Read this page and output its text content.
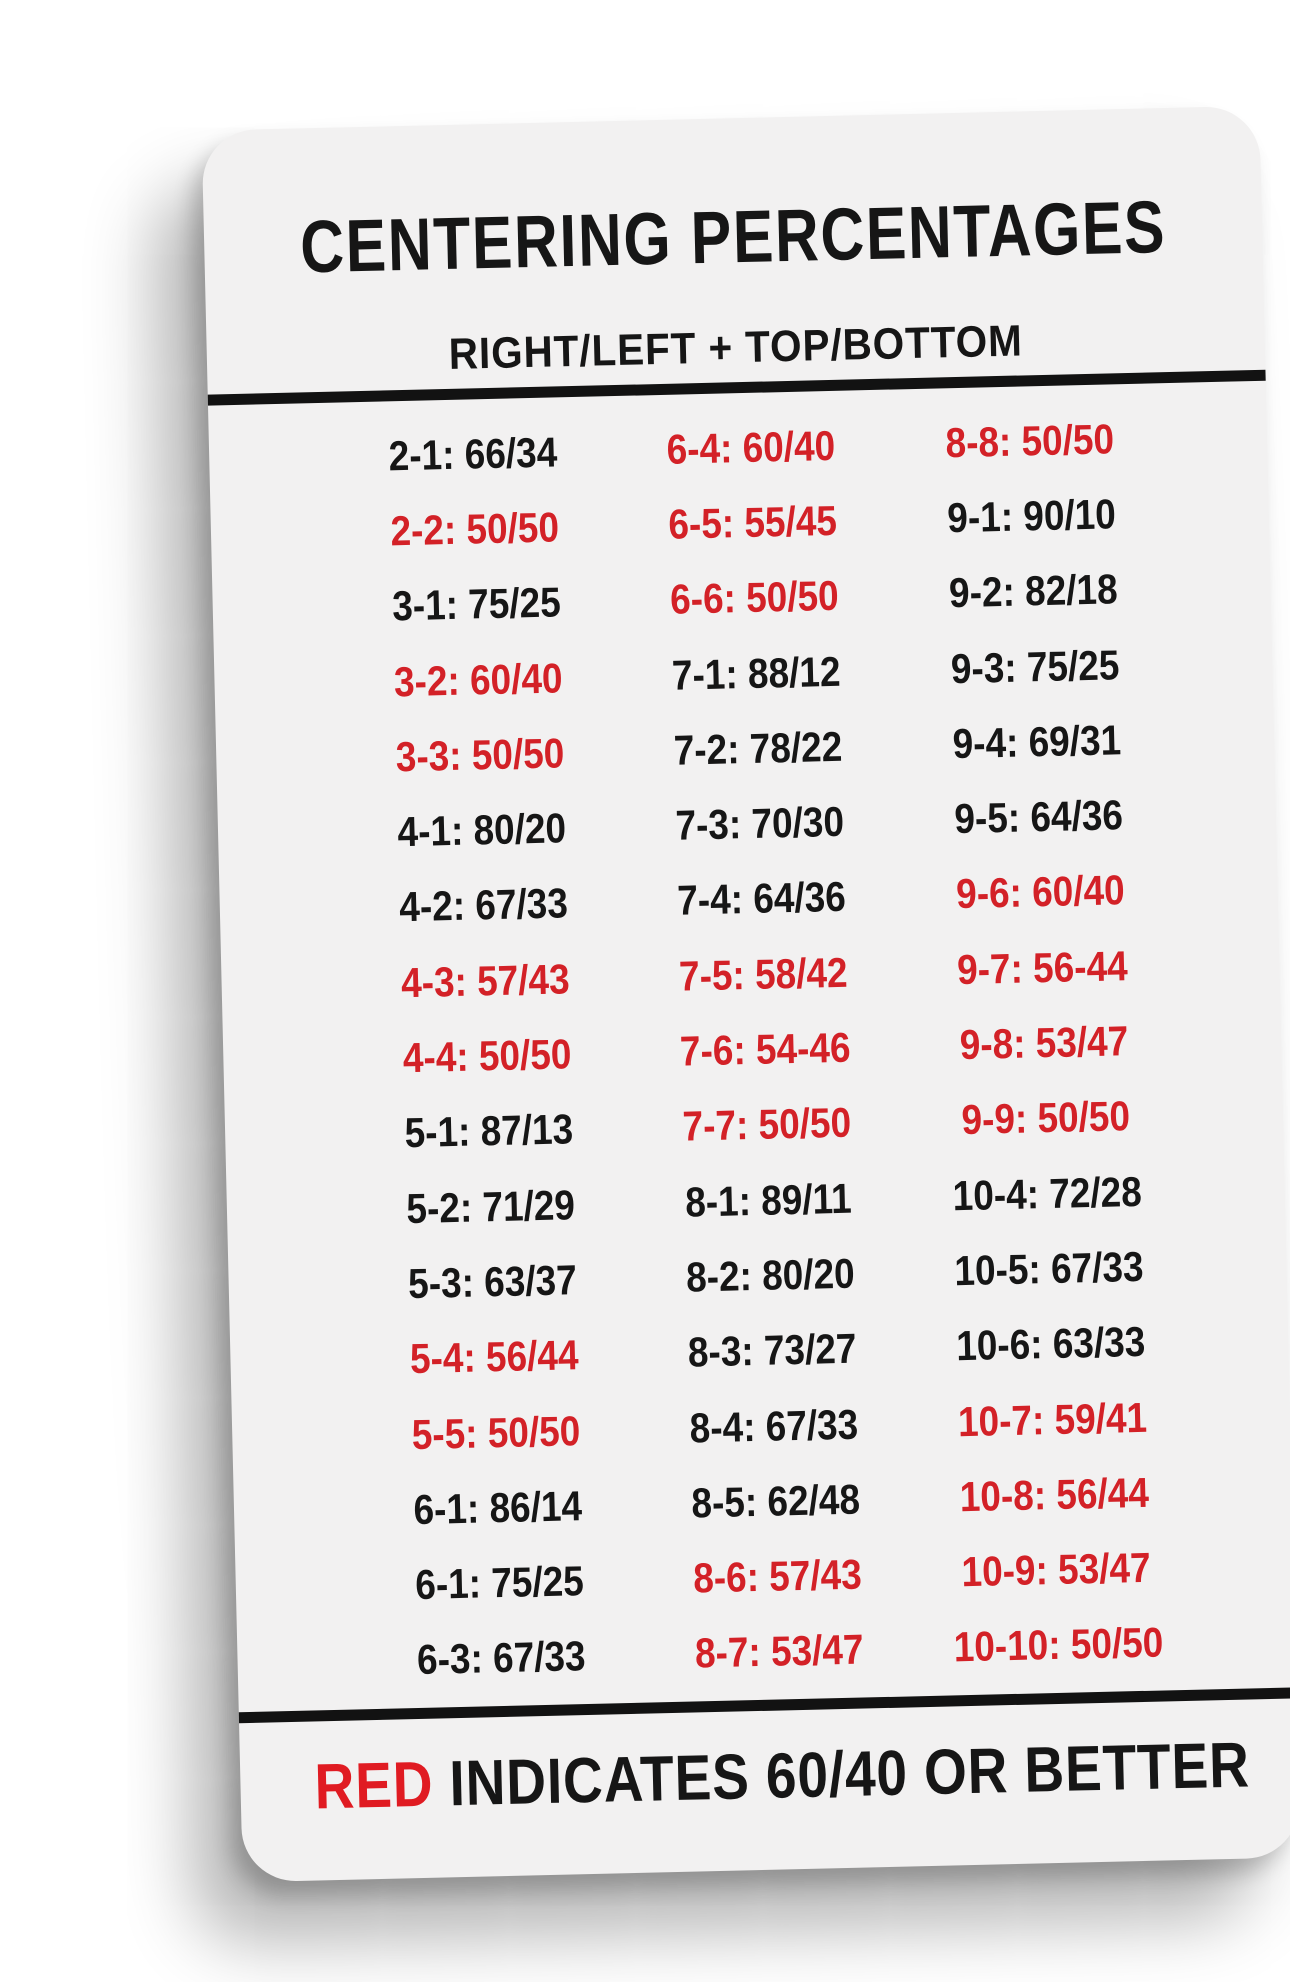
CENTERING PERCENTAGES
RIGHT/LEFT + TOP/BOTTOM
2-1: 66/34	6-4: 60/40	8-8: 50/50
2-2: 50/50	6-5: 55/45	9-1: 90/10
3-1: 75/25	6-6: 50/50	9-2: 82/18
3-2: 60/40	7-1: 88/12	9-3: 75/25
3-3: 50/50	7-2: 78/22	9-4: 69/31
4-1: 80/20	7-3: 70/30	9-5: 64/36
4-2: 67/33	7-4: 64/36	9-6: 60/40
4-3: 57/43	7-5: 58/42	9-7: 56-44
4-4: 50/50	7-6: 54-46	9-8: 53/47
5-1: 87/13	7-7: 50/50	9-9: 50/50
5-2: 71/29	8-1: 89/11 10-4: 72/28
5-3: 63/37	8-2: 80/20 10-5: 67/33
5-4: 56/44	8-3: 73/27 10-6: 63/33
5-5: 50/50	8-4: 67/33 10-7: 59/41
6-1: 86/14	8-5: 62/48 10-8: 56/44
6-1: 75/25	8-6: 57/43 10-9: 53/47
6-3: 67/33	8-7: 53/47 10-10: 50/50
RED INDICATES 60/40 OR BETTER
